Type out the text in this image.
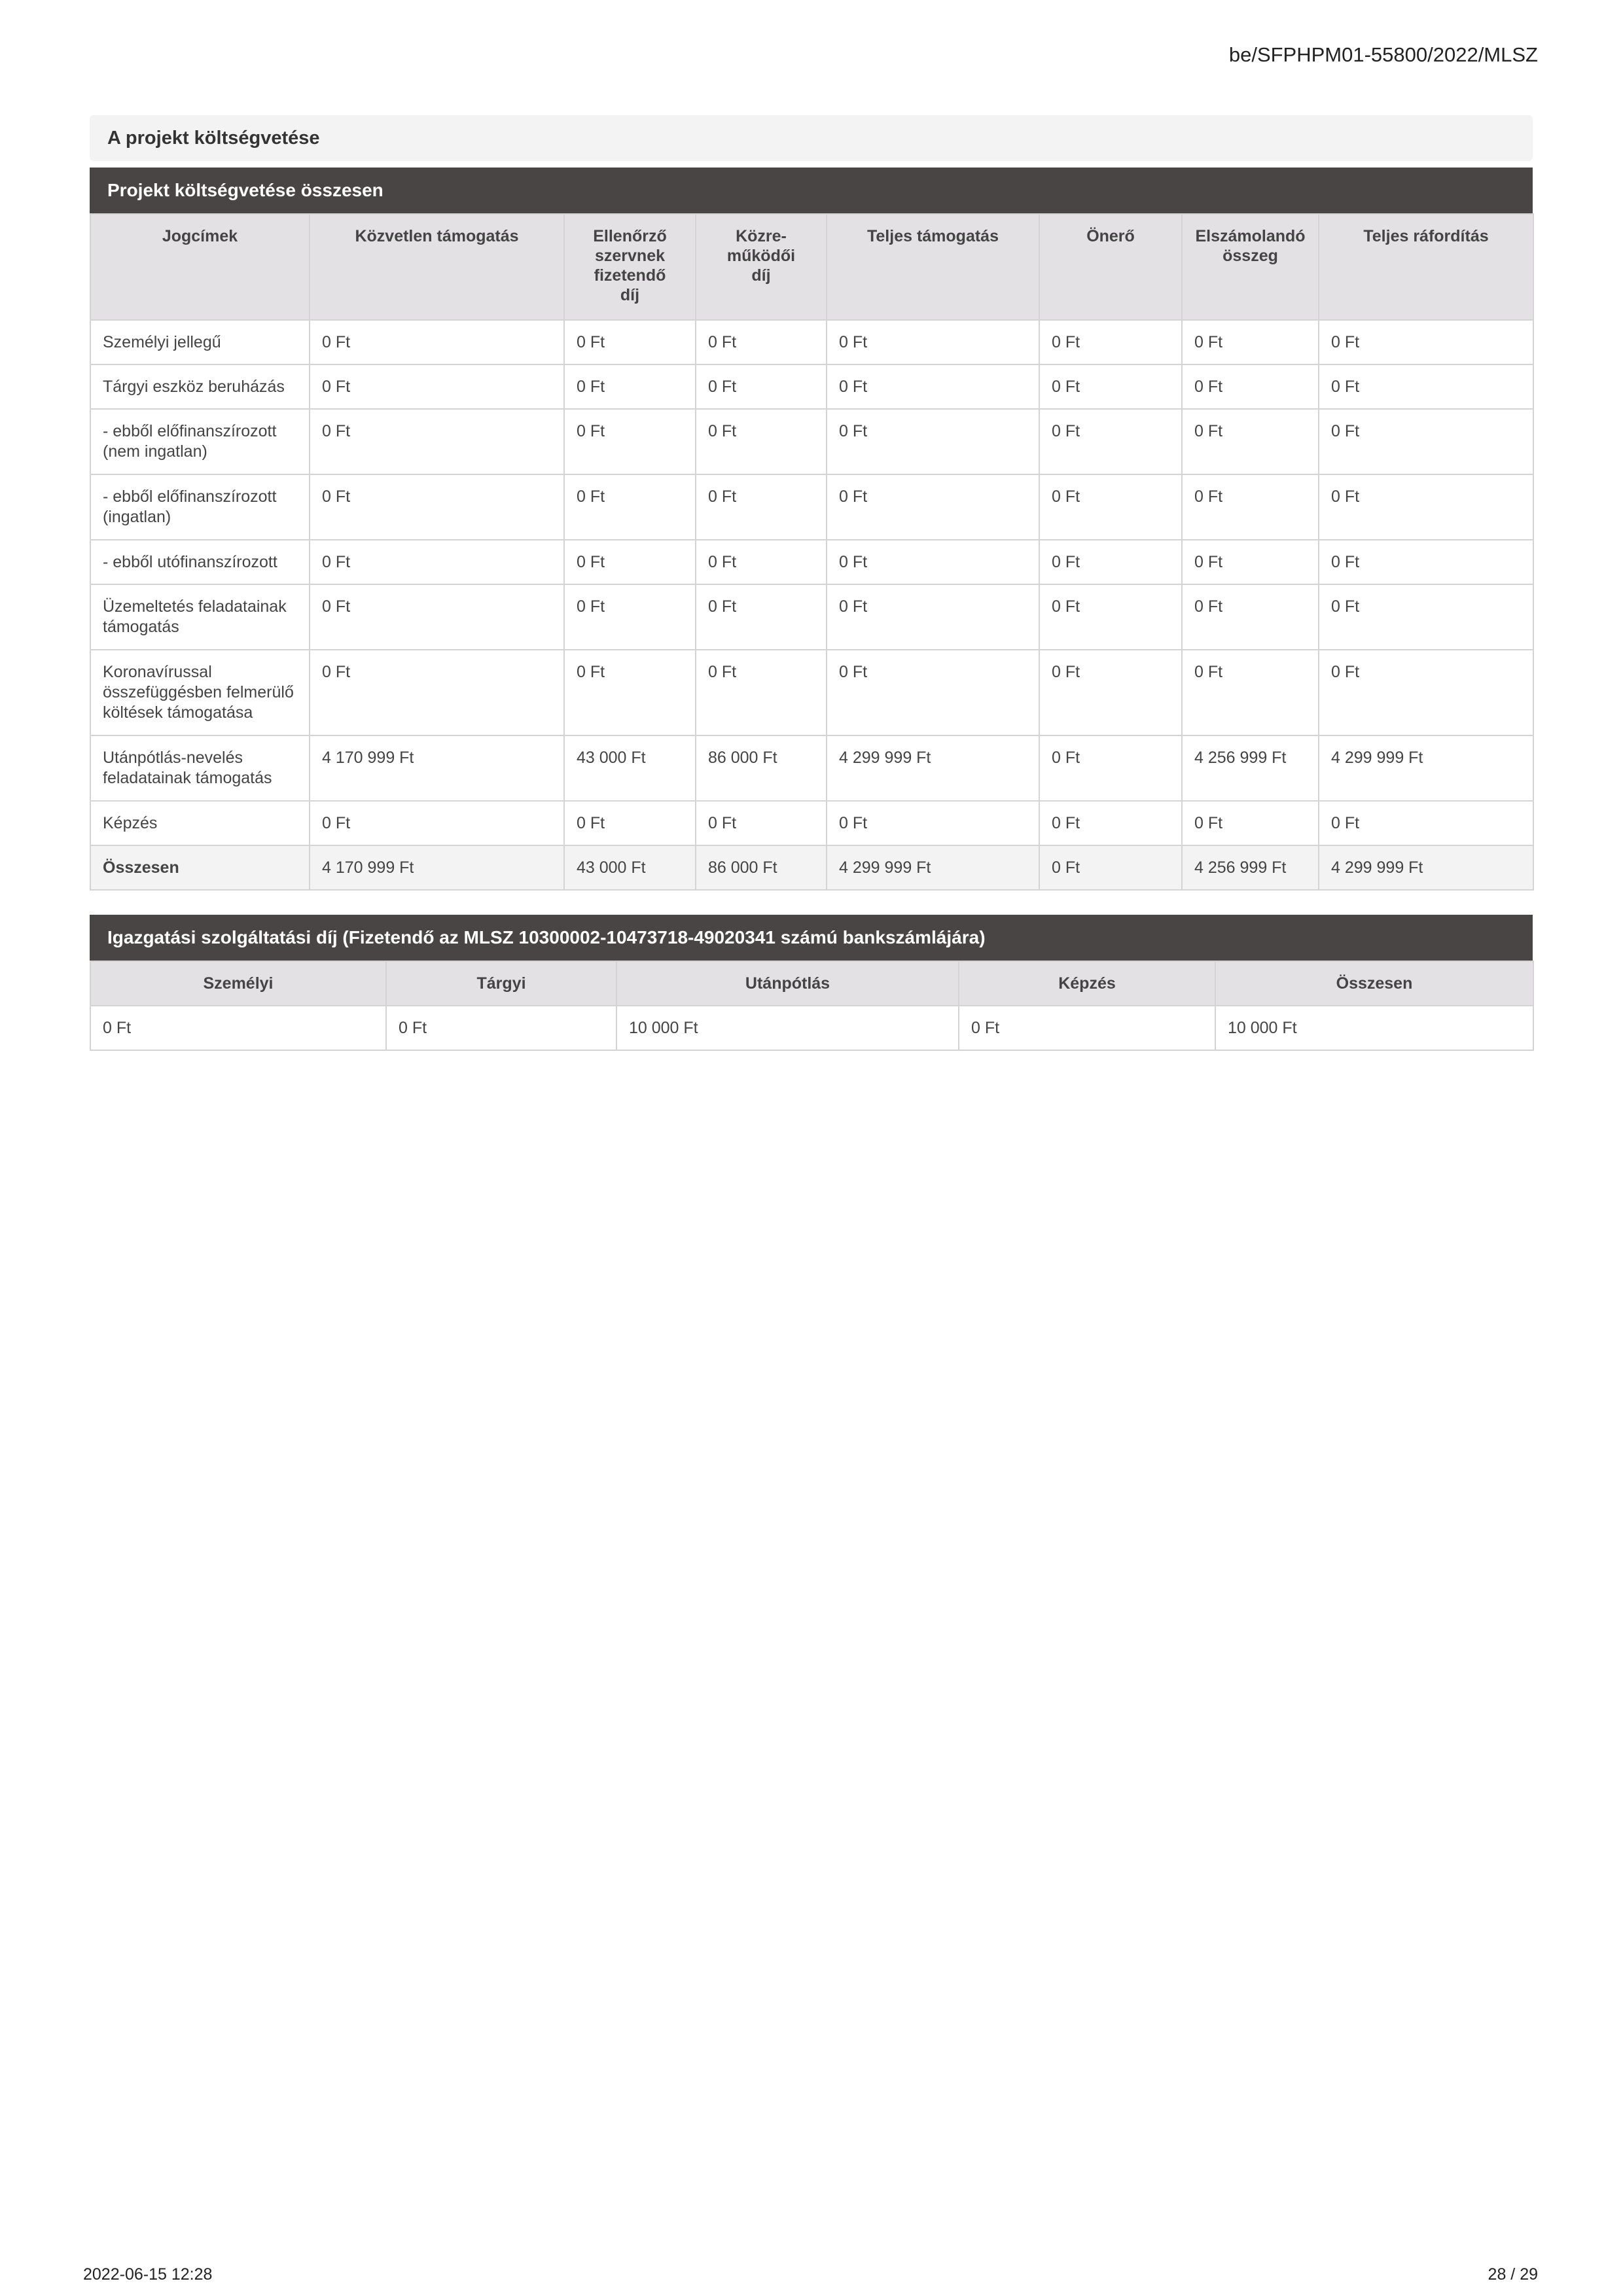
be/SFPHPM01-55800/2022/MLSZ
A projekt költségvetése
Projekt költségvetése összesen
Jogcímek	Közvetlen támogatás	Ellenőrző szervnek fizetendő díj	Közre-működői díj	Teljes támogatás	Önerő	Elszámolandó összeg	Teljes ráfordítás
Személyi jellegű	0 Ft	0 Ft	0 Ft	0 Ft	0 Ft	0 Ft	0 Ft
Tárgyi eszköz beruházás	0 Ft	0 Ft	0 Ft	0 Ft	0 Ft	0 Ft	0 Ft
- ebből előfinanszírozott (nem ingatlan)	0 Ft	0 Ft	0 Ft	0 Ft	0 Ft	0 Ft	0 Ft
- ebből előfinanszírozott (ingatlan)	0 Ft	0 Ft	0 Ft	0 Ft	0 Ft	0 Ft	0 Ft
- ebből utófinanszírozott	0 Ft	0 Ft	0 Ft	0 Ft	0 Ft	0 Ft	0 Ft
Üzemeltetés feladatainak támogatás	0 Ft	0 Ft	0 Ft	0 Ft	0 Ft	0 Ft	0 Ft
Koronavírussal összefüggésben felmerülő költések támogatása	0 Ft	0 Ft	0 Ft	0 Ft	0 Ft	0 Ft	0 Ft
Utánpótlás-nevelés feladatainak támogatás	4 170 999 Ft	43 000 Ft	86 000 Ft	4 299 999 Ft	0 Ft	4 256 999 Ft	4 299 999 Ft
Képzés	0 Ft	0 Ft	0 Ft	0 Ft	0 Ft	0 Ft	0 Ft
Összesen	4 170 999 Ft	43 000 Ft	86 000 Ft	4 299 999 Ft	0 Ft	4 256 999 Ft	4 299 999 Ft
Igazgatási szolgáltatási díj (Fizetendő az MLSZ 10300002-10473718-49020341 számú bankszámlájára)
Személyi	Tárgyi	Utánpótlás	Képzés	Összesen
0 Ft	0 Ft	10 000 Ft	0 Ft	10 000 Ft
2022-06-15 12:28	28 / 29
